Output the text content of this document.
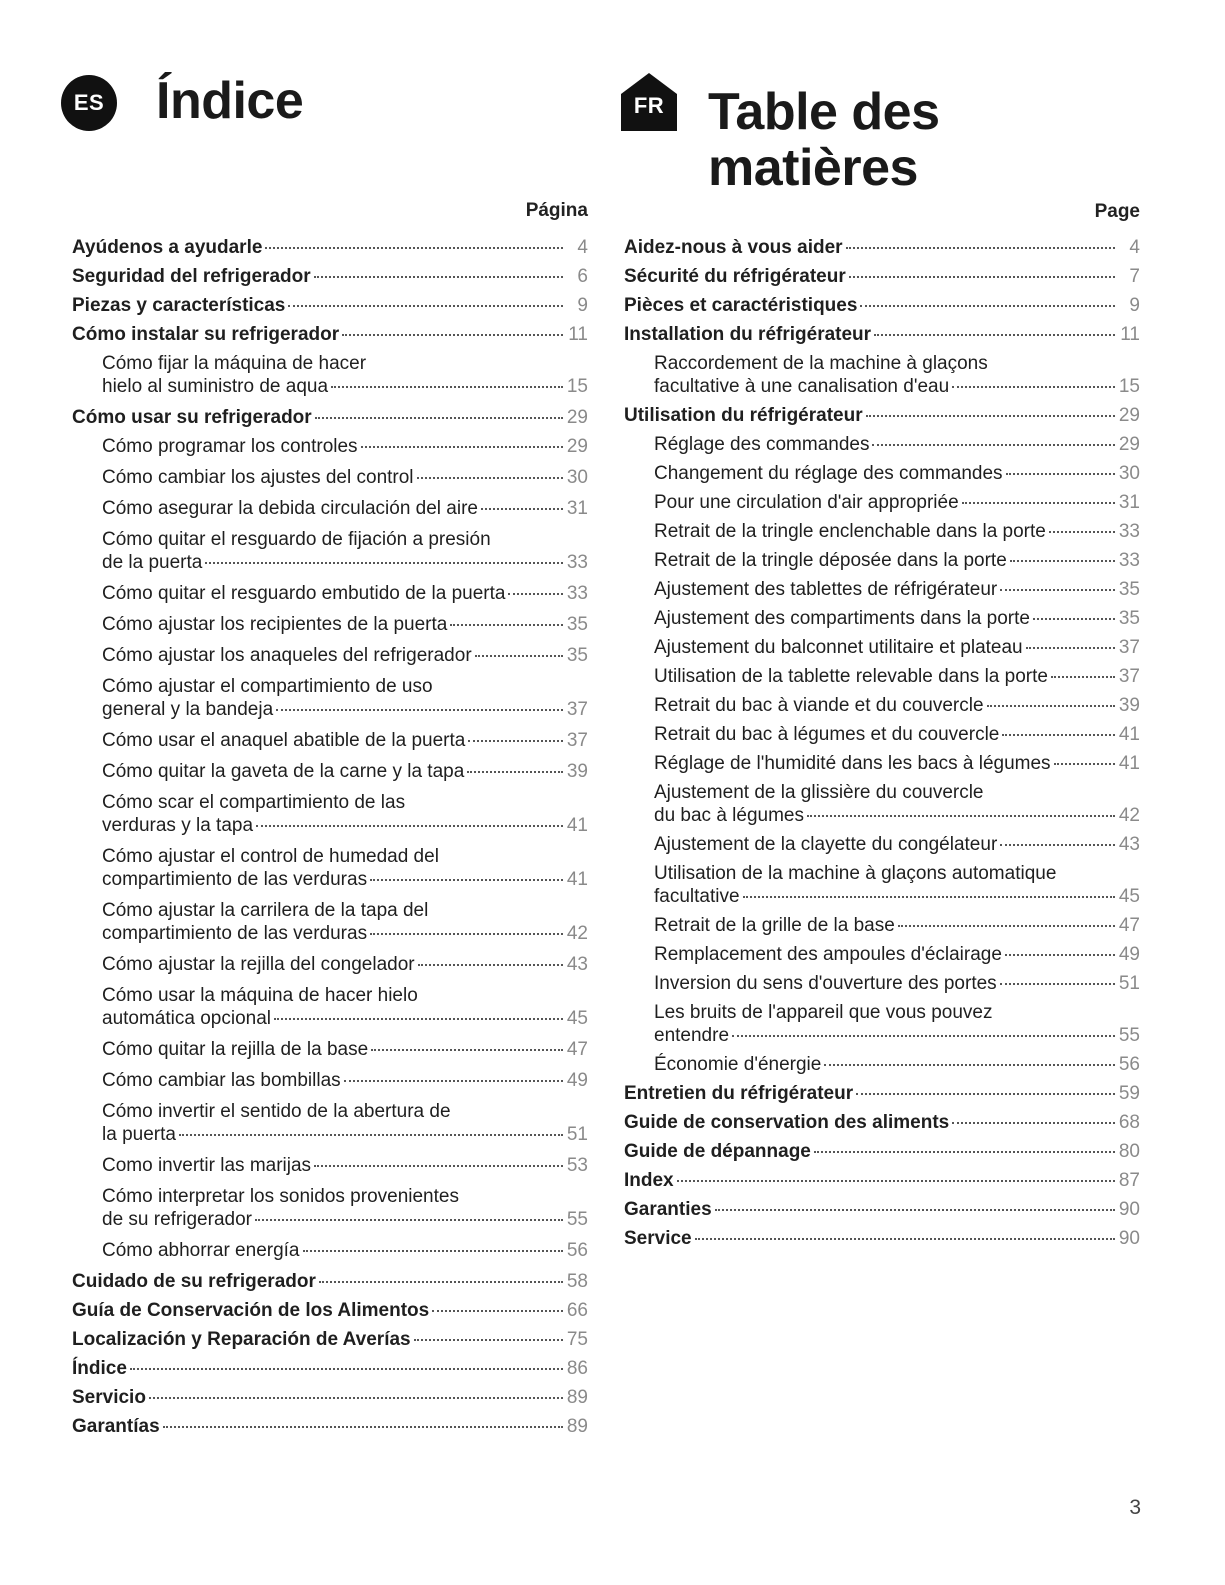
ES Índice
Página
Ayúdenos a ayudarle	4
Seguridad del refrigerador	6
Piezas y características	9
Cómo instalar su refrigerador	11
Cómo fijar la máquina de hacer
hielo al suministro de aqua	15
Cómo usar su refrigerador	29
Cómo programar los controles	29
Cómo cambiar los ajustes del control	30
Cómo asegurar la debida circulación del aire	31
Cómo quitar el resguardo de fijación a presión
de la puerta	33
Cómo quitar el resguardo embutido de la puerta	33
Cómo ajustar los recipientes de la puerta	35
Cómo ajustar los anaqueles del refrigerador	35
Cómo ajustar el compartimiento de uso
general y la bandeja	37
Cómo usar el anaquel abatible de la puerta	37
Cómo quitar la gaveta de la carne y la tapa	39
Cómo scar el compartimiento de las
verduras y la tapa	41
Cómo ajustar el control de humedad del
compartimiento de las verduras	41
Cómo ajustar la carrilera de la tapa del
compartimiento de las verduras	42
Cómo ajustar la rejilla del congelador	43
Cómo usar la máquina de hacer hielo
automática opcional	45
Cómo quitar la rejilla de la base	47
Cómo cambiar las bombillas	49
Cómo invertir el sentido de la abertura de
la puerta	51
Como invertir las marijas	53
Cómo interpretar los sonidos provenientes
de su refrigerador	55
Cómo abhorrar energía	56
Cuidado de su refrigerador	58
Guía de Conservación de los Alimentos	66
Localización y Reparación de Averías	75
Índice	86
Servicio	89
Garantías	89
FR Table des
matières
Page
Aidez-nous à vous aider	4
Sécurité du réfrigérateur	7
Pièces et caractéristiques	9
Installation du réfrigérateur	11
Raccordement de la machine à glaçons
facultative à une canalisation d'eau	15
Utilisation du réfrigérateur	29
Réglage des commandes	29
Changement du réglage des commandes	30
Pour une circulation d'air appropriée	31
Retrait de la tringle enclenchable dans la porte	33
Retrait de la tringle déposée dans la porte	33
Ajustement des tablettes de réfrigérateur	35
Ajustement des compartiments dans la porte	35
Ajustement du balconnet utilitaire et plateau	37
Utilisation de la tablette relevable dans la porte	37
Retrait du bac à viande et du couvercle	39
Retrait du bac à légumes et du couvercle	41
Réglage de l'humidité dans les bacs à légumes	41
Ajustement de la glissière du couvercle
du bac à légumes	42
Ajustement de la clayette du congélateur	43
Utilisation de la machine à glaçons automatique
facultative	45
Retrait de la grille de la base	47
Remplacement des ampoules d'éclairage	49
Inversion du sens d'ouverture des portes	51
Les bruits de l'appareil que vous pouvez
entendre	55
Économie d'énergie	56
Entretien du réfrigérateur	59
Guide de conservation des aliments	68
Guide de dépannage	80
Index	87
Garanties	90
Service	90
3
